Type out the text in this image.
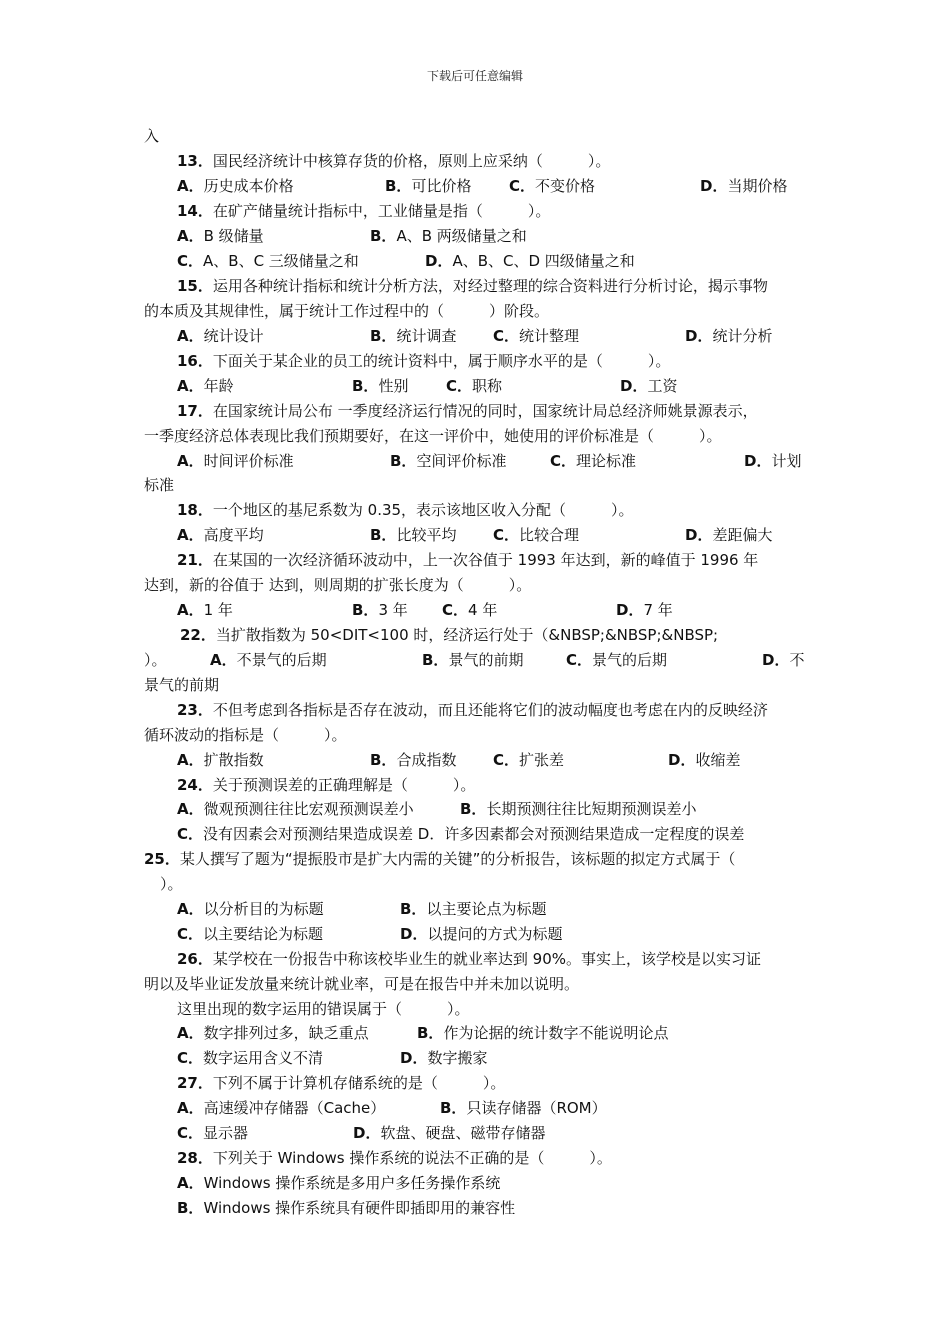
下载后可任意编辑
入
13．国民经济统计中核算存货的价格，原则上应采纳（　　　）。
A．历史成本价格	B．可比价格	C．不变价格	D．当期价格
14．在矿产储量统计指标中，工业储量是指（　　　）。
A．B 级储量	B．A、B 两级储量之和
C．A、B、C 三级储量之和	D．A、B、C、D 四级储量之和
15．运用各种统计指标和统计分析方法，对经过整理的综合资料进行分析讨论，揭示事物
的本质及其规律性，属于统计工作过程中的（　　　）阶段。
A．统计设计	B．统计调查 C．统计整理	D．统计分析
16．下面关于某企业的员工的统计资料中，属于顺序水平的是（　　　）。
A．年龄	B．性别	C．职称	D．工资
17．在国家统计局公布 一季度经济运行情况的同时，国家统计局总经济师姚景源表示，
一季度经济总体表现比我们预期要好，在这一评价中，她使用的评价标准是（　　　）。
A．时间评价标准	B．空间评价标准	C．理论标准	D．计划
标准
18．一个地区的基尼系数为 0.35，表示该地区收入分配（　　　）。
A．高度平均	B．比较平均 C．比较合理	D．差距偏大
21．在某国的一次经济循环波动中，上一次谷值于 1993 年达到，新的峰值于 1996 年
达到，新的谷值于 达到，则周期的扩张长度为（　　　）。
A．1 年	B．3 年 C．4 年	D．7 年
22．当扩散指数为 50<DIT<100 时，经济运行处于（&NBSP;&NBSP;&NBSP;
）。	A．不景气的后期	B．景气的前期	C．景气的后期	D．不
景气的前期
23．不但考虑到各指标是否存在波动，而且还能将它们的波动幅度也考虑在内的反映经济
循环波动的指标是（　　　）。
A．扩散指数	B．合成指数 C．扩张差	D．收缩差
24．关于预测误差的正确理解是（　　　）。
A．微观预测往往比宏观预测误差小	B．长期预测往往比短期预测误差小
C．没有因素会对预测结果造成误差 D．许多因素都会对预测结果造成一定程度的误差
25．某人撰写了题为“提振股市是扩大内需的关键”的分析报告，该标题的拟定方式属于（
）。
A．以分析目的为标题	B．以主要论点为标题
C．以主要结论为标题	D．以提问的方式为标题
26．某学校在一份报告中称该校毕业生的就业率达到 90%。事实上，该学校是以实习证
明以及毕业证发放量来统计就业率，可是在报告中并未加以说明。
这里出现的数字运用的错误属于（　　　）。
A．数字排列过多，缺乏重点	B．作为论据的统计数字不能说明论点
C．数字运用含义不清	D．数字搬家
27．下列不属于计算机存储系统的是（　　　）。
A．高速缓冲存储器（Cache）	B．只读存储器（ROM）
C．显示器	D．软盘、硬盘、磁带存储器
28．下列关于 Windows 操作系统的说法不正确的是（　　　）。
A．Windows 操作系统是多用户多任务操作系统
B．Windows 操作系统具有硬件即插即用的兼容性
